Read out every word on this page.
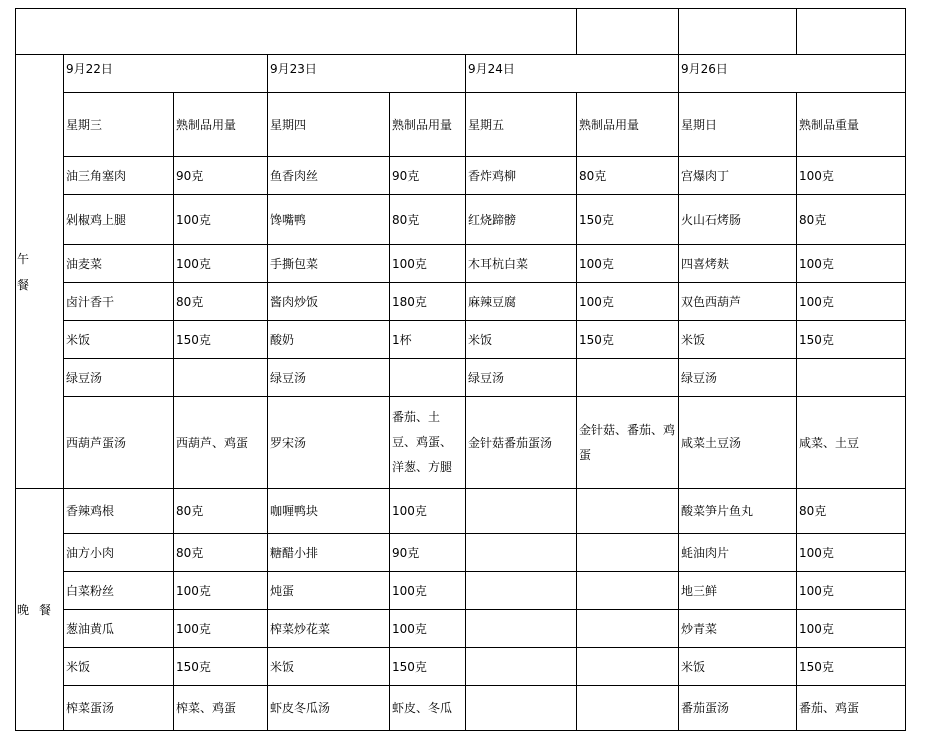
午
餐	9月22日		9月23日		9月24日		9月26日	
	星期三	熟制品用量	星期四	熟制品用量	星期五	熟制品用量	星期日	熟制品重量
	油三角塞肉	90克	鱼香肉丝	90克	香炸鸡柳	80克	宫爆肉丁	100克
	剁椒鸡上腿	100克	馋嘴鸭	80克	红烧蹄髈	150克	火山石烤肠	80克
	油麦菜	100克	手撕包菜	100克	木耳杭白菜	100克	四喜烤麸	100克
	卤汁香干	80克	酱肉炒饭	180克	麻辣豆腐	100克	双色西葫芦	100克
	米饭	150克	酸奶	1杯	米饭	150克	米饭	150克
	绿豆汤		绿豆汤		绿豆汤		绿豆汤	
	西葫芦蛋汤	西葫芦、鸡蛋	罗宋汤	番茄、土豆、鸡蛋、洋葱、方腿	金针菇番茄蛋汤	金针菇、番茄、鸡蛋	咸菜土豆汤	咸菜、土豆

晚 餐	香辣鸡根	80克	咖喱鸭块	100克			酸菜笋片鱼丸	80克
	油方小肉	80克	糖醋小排	90克			蚝油肉片	100克
	白菜粉丝	100克	炖蛋	100克			地三鲜	100克
	葱油黄瓜	100克	榨菜炒花菜	100克			炒青菜	100克
	米饭	150克	米饭	150克			米饭	150克
	榨菜蛋汤	榨菜、鸡蛋	虾皮冬瓜汤	虾皮、冬瓜			番茄蛋汤	番茄、鸡蛋
